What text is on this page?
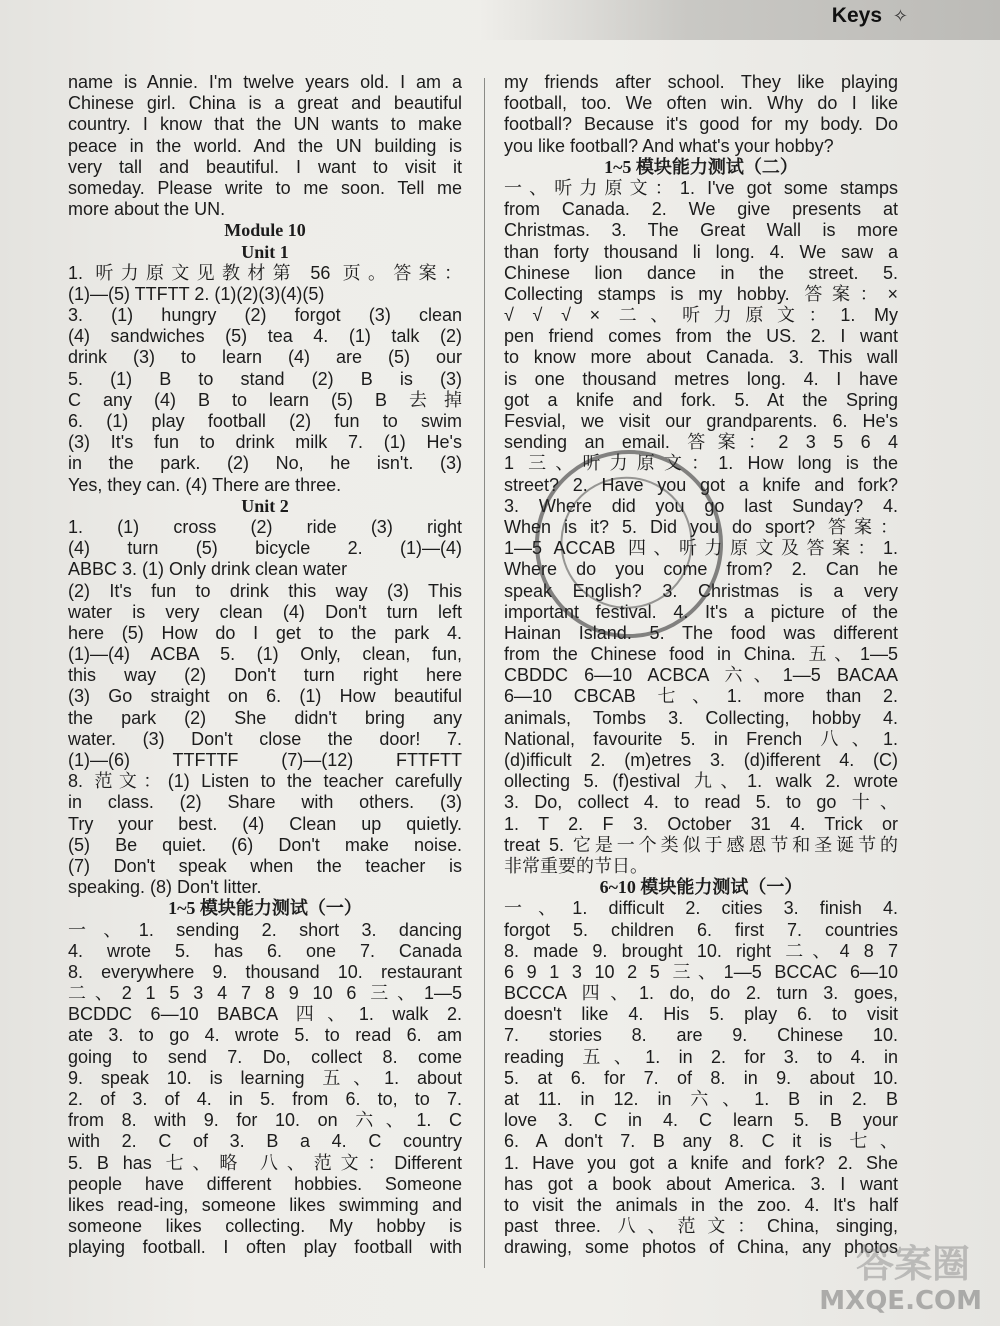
Keys ✧
name is Annie. I'm twelve years old. I am a
Chinese girl. China is a great and beautiful
country. I know that the UN wants to make
peace in the world. And the UN building is
very tall and beautiful. I want to visit it
someday. Please write to me soon. Tell me
more about the UN.
Module 10
Unit 1
1. 听力原文见教材第 56 页。答案：
(1)—(5) TTFTT 2. (1)(2)(3)(4)(5)
3. (1) hungry (2) forgot (3) clean
(4) sandwiches (5) tea 4. (1) talk (2)
drink (3) to learn (4) are (5) our
5. (1) B to stand (2) B is (3)
C any (4) B to learn (5) B 去掉
6. (1) play football (2) fun to swim
(3) It's fun to drink milk 7. (1) He's
in the park. (2) No, he isn't. (3)
Yes, they can. (4) There are three.
Unit 2
1. (1) cross (2) ride (3) right
(4) turn (5) bicycle 2. (1)—(4)
ABBC 3. (1) Only drink clean water
(2) It's fun to drink this way (3) This
water is very clean (4) Don't turn left
here (5) How do I get to the park 4.
(1)—(4) ACBA 5. (1) Only, clean, fun,
this way (2) Don't turn right here
(3) Go straight on 6. (1) How beautiful
the park (2) She didn't bring any
water. (3) Don't close the door! 7.
(1)—(6) TTFTTF (7)—(12) FTTFTT
8. 范文：(1) Listen to the teacher carefully
in class. (2) Share with others. (3)
Try your best. (4) Clean up quietly.
(5) Be quiet. (6) Don't make noise.
(7) Don't speak when the teacher is
speaking. (8) Don't litter.
1~5 模块能力测试（一）
一、1. sending 2. short 3. dancing
4. wrote 5. has 6. one 7. Canada
8. everywhere 9. thousand 10. restaurant
二、2 1 5 3 4 7 8 9 10 6 三、1—5
BCDDC 6—10 BABCA 四、1. walk 2.
ate 3. to go 4. wrote 5. to read 6. am
going to send 7. Do, collect 8. come
9. speak 10. is learning 五、1. about
2. of 3. of 4. in 5. from 6. to, to 7.
from 8. with 9. for 10. on 六、1. C
with 2. C of 3. B a 4. C country
5. B has 七、略 八、范文：Different
people have different hobbies. Someone
likes read-ing, someone likes swimming and
someone likes collecting. My hobby is
playing football. I often play football with
my friends after school. They like playing
football, too. We often win. Why do I like
football? Because it's good for my body. Do
you like football? And what's your hobby?
1~5 模块能力测试（二）
一、听力原文：1. I've got some stamps
from Canada. 2. We give presents at
Christmas. 3. The Great Wall is more
than forty thousand li long. 4. We saw a
Chinese lion dance in the street. 5.
Collecting stamps is my hobby. 答案：×
√ √ √ × 二、听力原文：1. My
pen friend comes from the US. 2. I want
to know more about Canada. 3. This wall
is one thousand metres long. 4. I have
got a knife and fork. 5. At the Spring
Fesvial, we visit our grandparents. 6. He's
sending an email. 答案：2 3 5 6 4
1 三、听力原文：1. How long is the
street? 2. Have you got a knife and fork?
3. Where did you go last Sunday? 4.
When is it? 5. Did you do sport? 答案：
1—5 ACCAB 四、听力原文及答案：1.
Where do you come from? 2. Can he
speak English? 3. Christmas is a very
important festival. 4. It's a picture of the
Hainan Island. 5. The food was different
from the Chinese food in China. 五、1—5
CBDDC 6—10 ACBCA 六、1—5 BACAA
6—10 CBCAB 七、1. more than 2.
animals, Tombs 3. Collecting, hobby 4.
National, favourite 5. in French 八、1.
(d)ifficult 2. (m)etres 3. (d)ifferent 4. (C)
ollecting 5. (f)estival 九、1. walk 2. wrote
3. Do, collect 4. to read 5. to go 十、
1. T 2. F 3. October 31 4. Trick or
treat 5. 它是一个类似于感恩节和圣诞节的
非常重要的节日。
6~10 模块能力测试（一）
一、1. difficult 2. cities 3. finish 4.
forgot 5. children 6. first 7. countries
8. made 9. brought 10. right 二、4 8 7
6 9 1 3 10 2 5 三、1—5 BCCAC 6—10
BCCCA 四、1. do, do 2. turn 3. goes,
doesn't like 4. His 5. play 6. to visit
7. stories 8. are 9. Chinese 10.
reading 五、1. in 2. for 3. to 4. in
5. at 6. for 7. of 8. in 9. about 10.
at 11. in 12. in 六、1. B in 2. B
love 3. C in 4. C learn 5. B your
6. A don't 7. B any 8. C it is 七、
1. Have you got a knife and fork? 2. She
has got a book about America. 3. I want
to visit the animals in the zoo. 4. It's half
past three. 八、范文：China, singing,
drawing, some photos of China, any photos
答案圈
MXQE.COM
